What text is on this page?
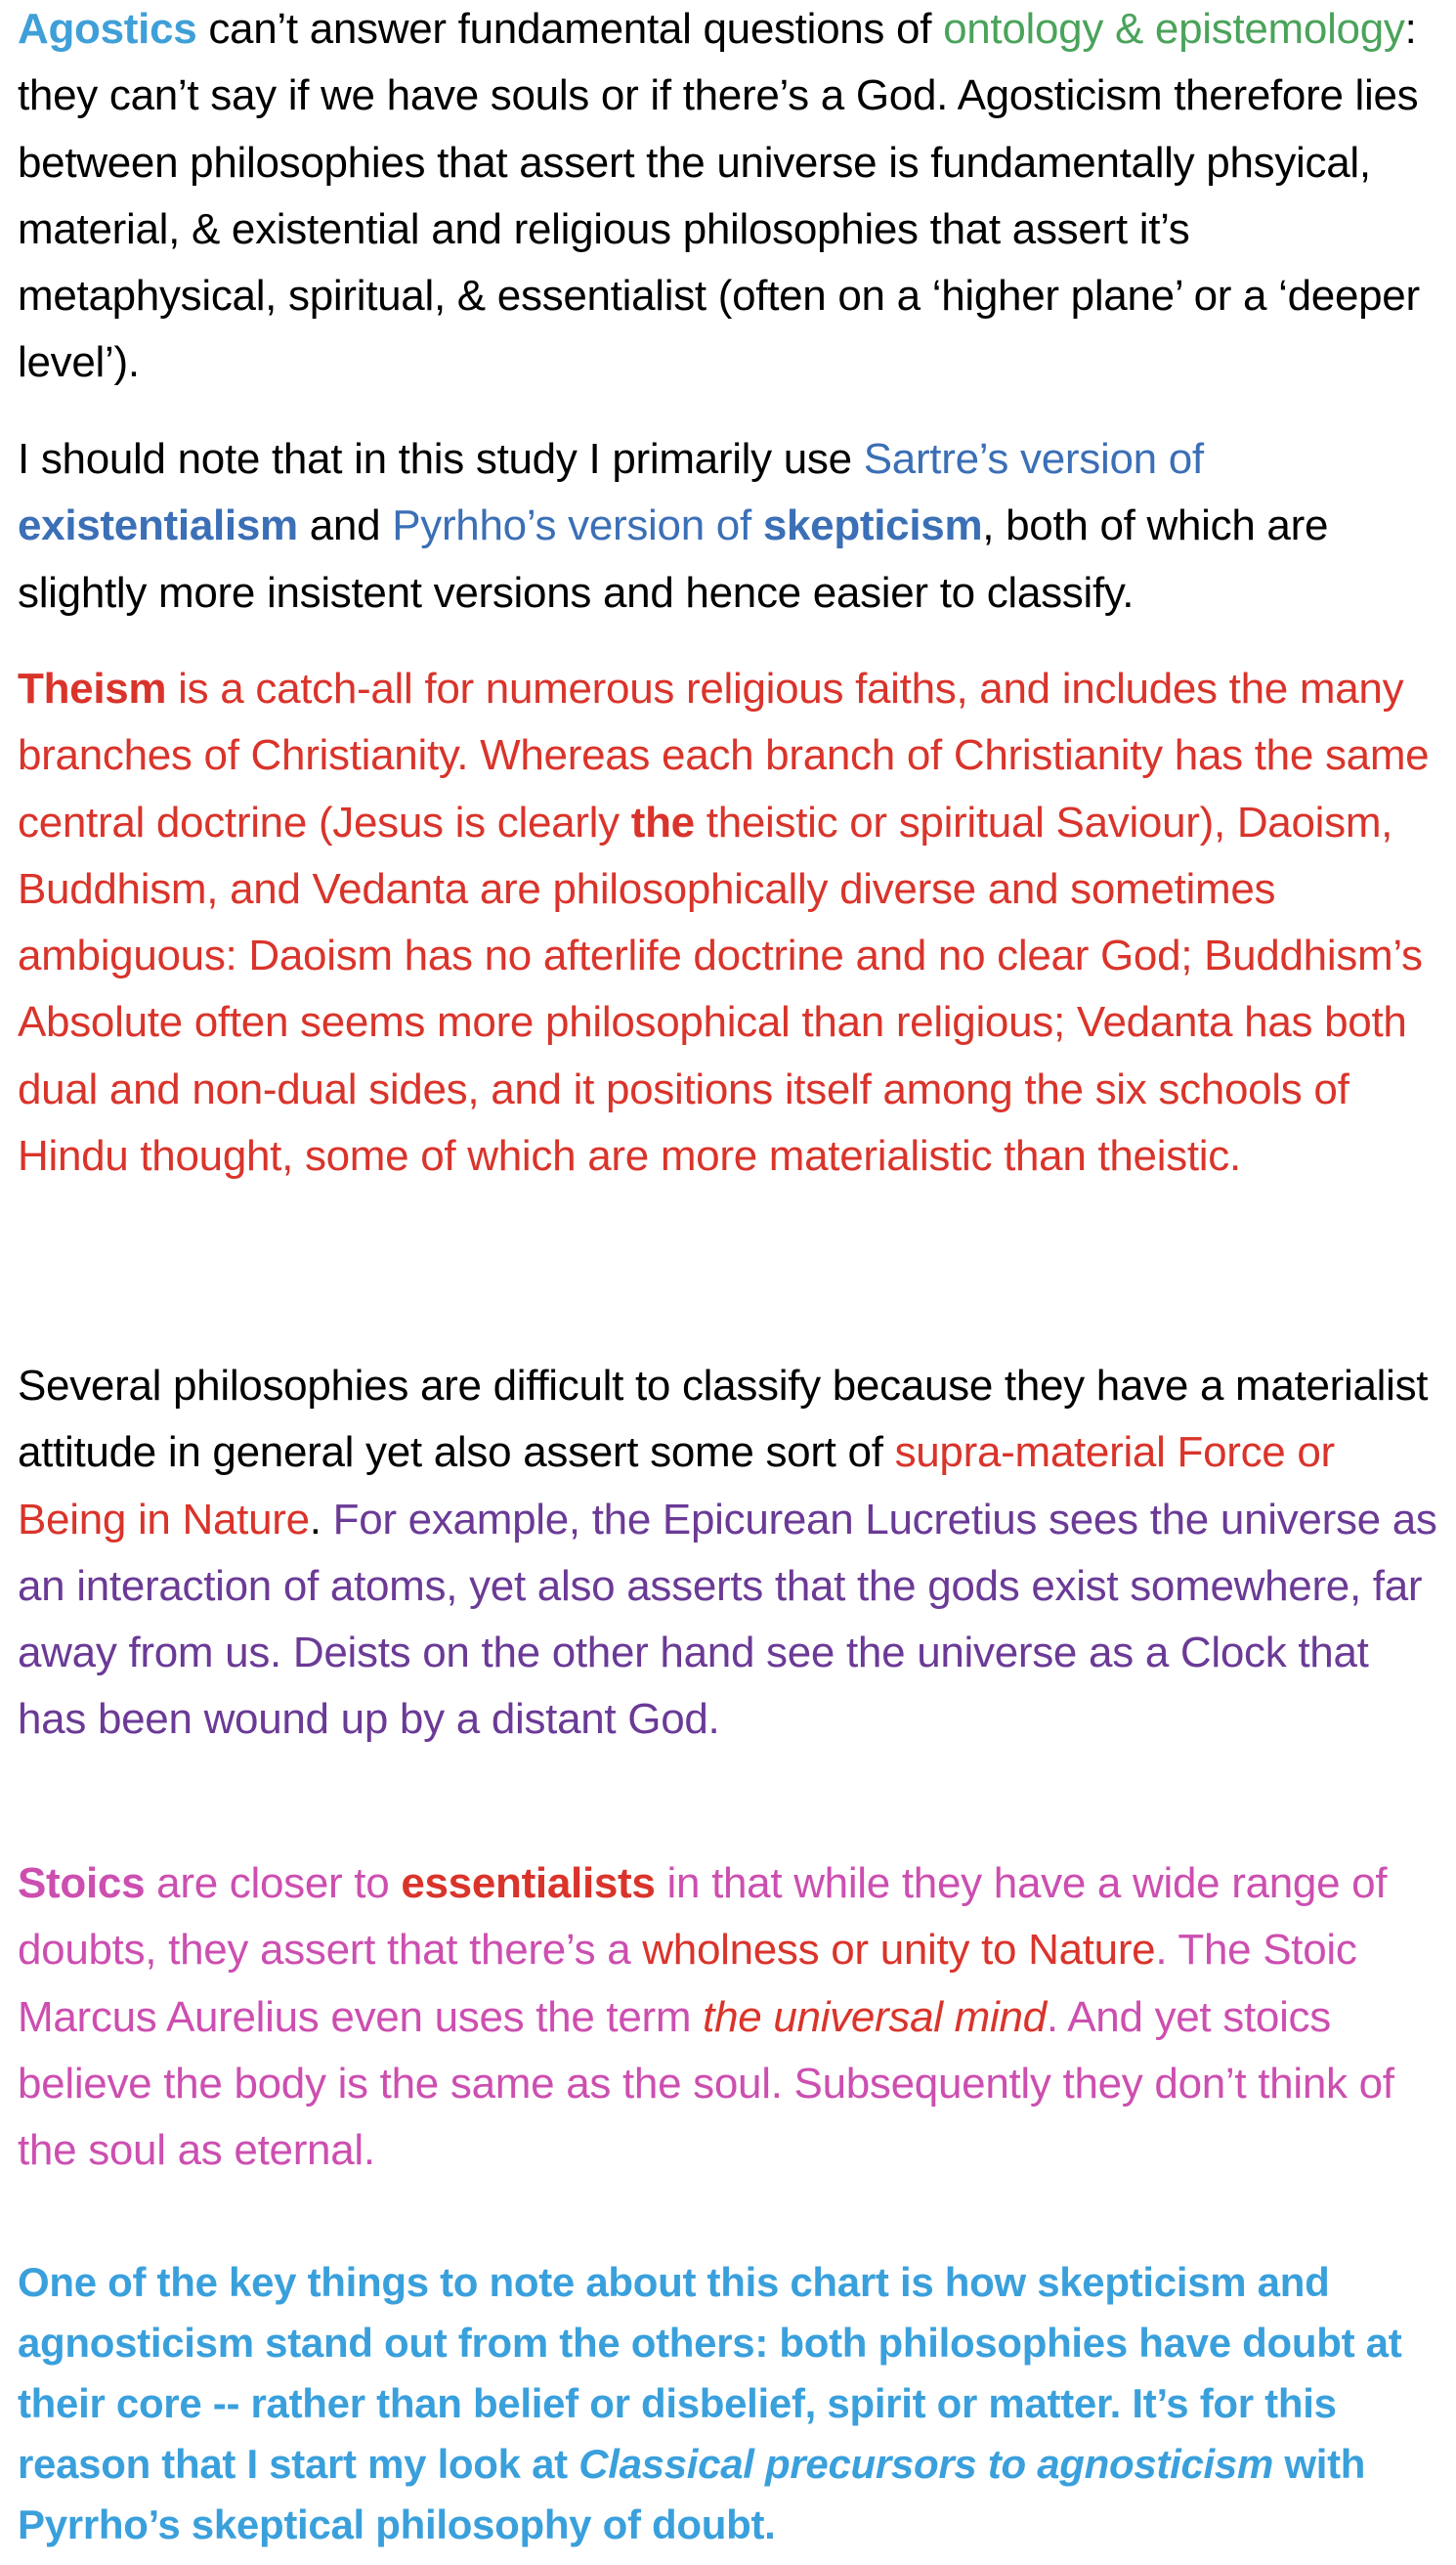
Agostics can’t answer fundamental questions of ontology & epistemology: they can’t say if we have souls or if there’s a God. Agosticism therefore lies between philosophies that assert the universe is fundamentally phsyical, material, & existential and religious philosophies that assert it’s metaphysical, spiritual, & essentialist (often on a ‘higher plane’ or a ‘deeper level’).

I should note that in this study I primarily use Sartre’s version of existentialism and Pyrhho’s version of skepticism, both of which are slightly more insistent versions and hence easier to classify.

Theism is a catch-all for numerous religious faiths, and includes the many branches of Christianity. Whereas each branch of Christianity has the same central doctrine (Jesus is clearly the theistic or spiritual Saviour), Daoism, Buddhism, and Vedanta are philosophically diverse and sometimes ambiguous: Daoism has no afterlife doctrine and no clear God; Buddhism’s Absolute often seems more philosophical than religious; Vedanta has both dual and non-dual sides, and it positions itself among the six schools of Hindu thought, some of which are more materialistic than theistic.

Several philosophies are difficult to classify because they have a materialist attitude in general yet also assert some sort of supra-material Force or Being in Nature. For example, the Epicurean Lucretius sees the universe as an interaction of atoms, yet also asserts that the gods exist somewhere, far away from us. Deists on the other hand see the universe as a Clock that has been wound up by a distant God.

Stoics are closer to essentialists in that while they have a wide range of doubts, they assert that there’s a wholness or unity to Nature. The Stoic Marcus Aurelius even uses the term the universal mind. And yet stoics believe the body is the same as the soul. Subsequently they don’t think of the soul as eternal.

One of the key things to note about this chart is how skepticism and agnosticism stand out from the others: both philosophies have doubt at their core -- rather than belief or disbelief, spirit or matter. It’s for this reason that I start my look at Classical precursors to agnosticism with Pyrrho’s skeptical philosophy of doubt.
